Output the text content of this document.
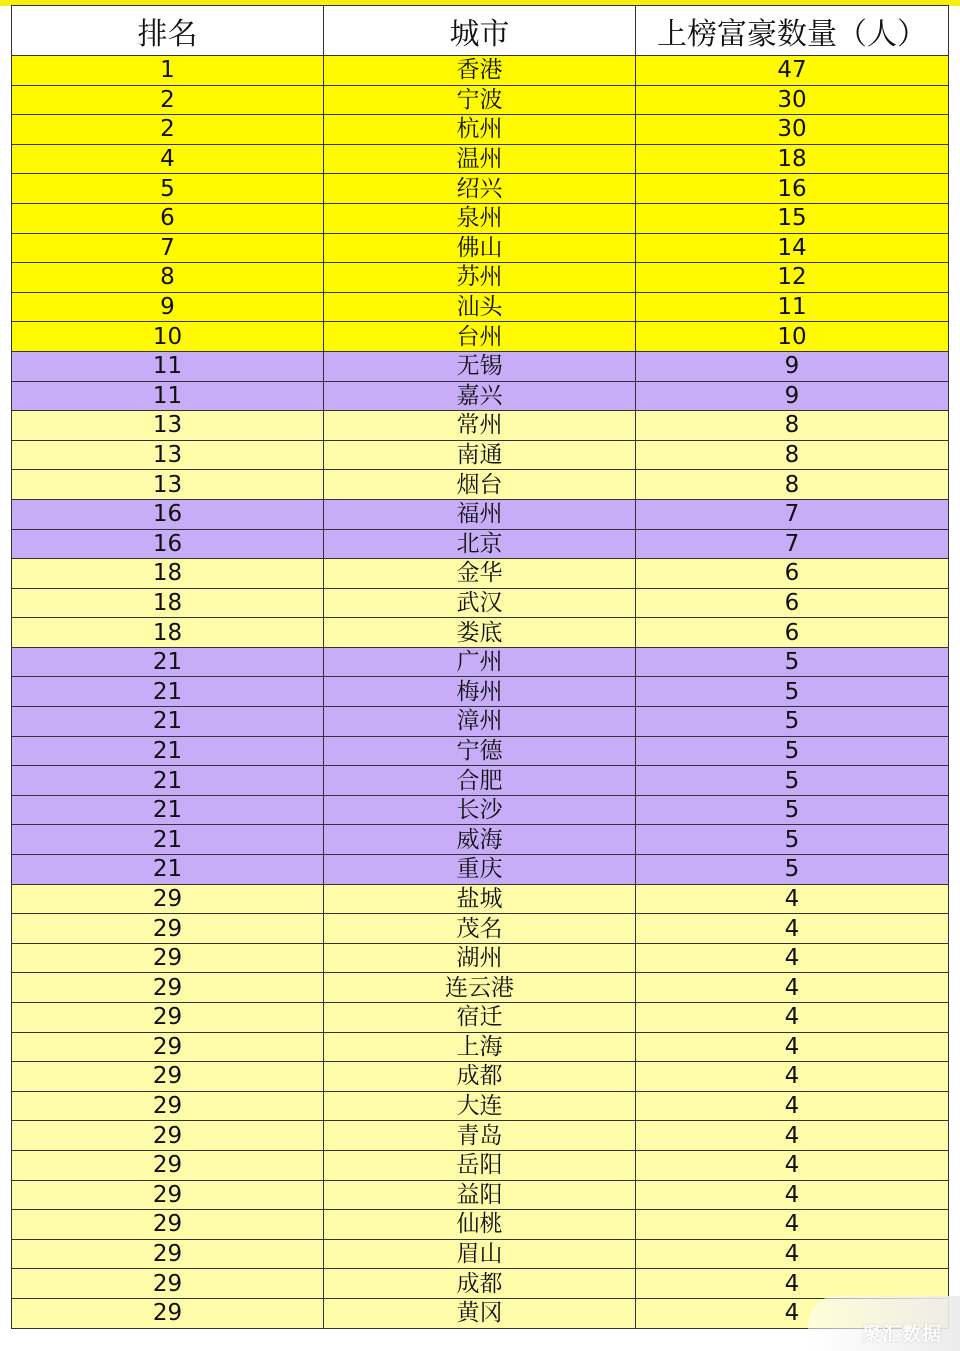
排名	城市	上榜富豪数量（人）
1	香港	47
2	宁波	30
2	杭州	30
4	温州	18
5	绍兴	16
6	泉州	15
7	佛山	14
8	苏州	12
9	汕头	11
10	台州	10
11	无锡	9
11	嘉兴	9
13	常州	8
13	南通	8
13	烟台	8
16	福州	7
16	北京	7
18	金华	6
18	武汉	6
18	娄底	6
21	广州	5
21	梅州	5
21	漳州	5
21	宁德	5
21	合肥	5
21	长沙	5
21	威海	5
21	重庆	5
29	盐城	4
29	茂名	4
29	湖州	4
29	连云港	4
29	宿迁	4
29	上海	4
29	成都	4
29	大连	4
29	青岛	4
29	岳阳	4
29	益阳	4
29	仙桃	4
29	眉山	4
29	成都	4
29	黄冈	4
聚汇数据
